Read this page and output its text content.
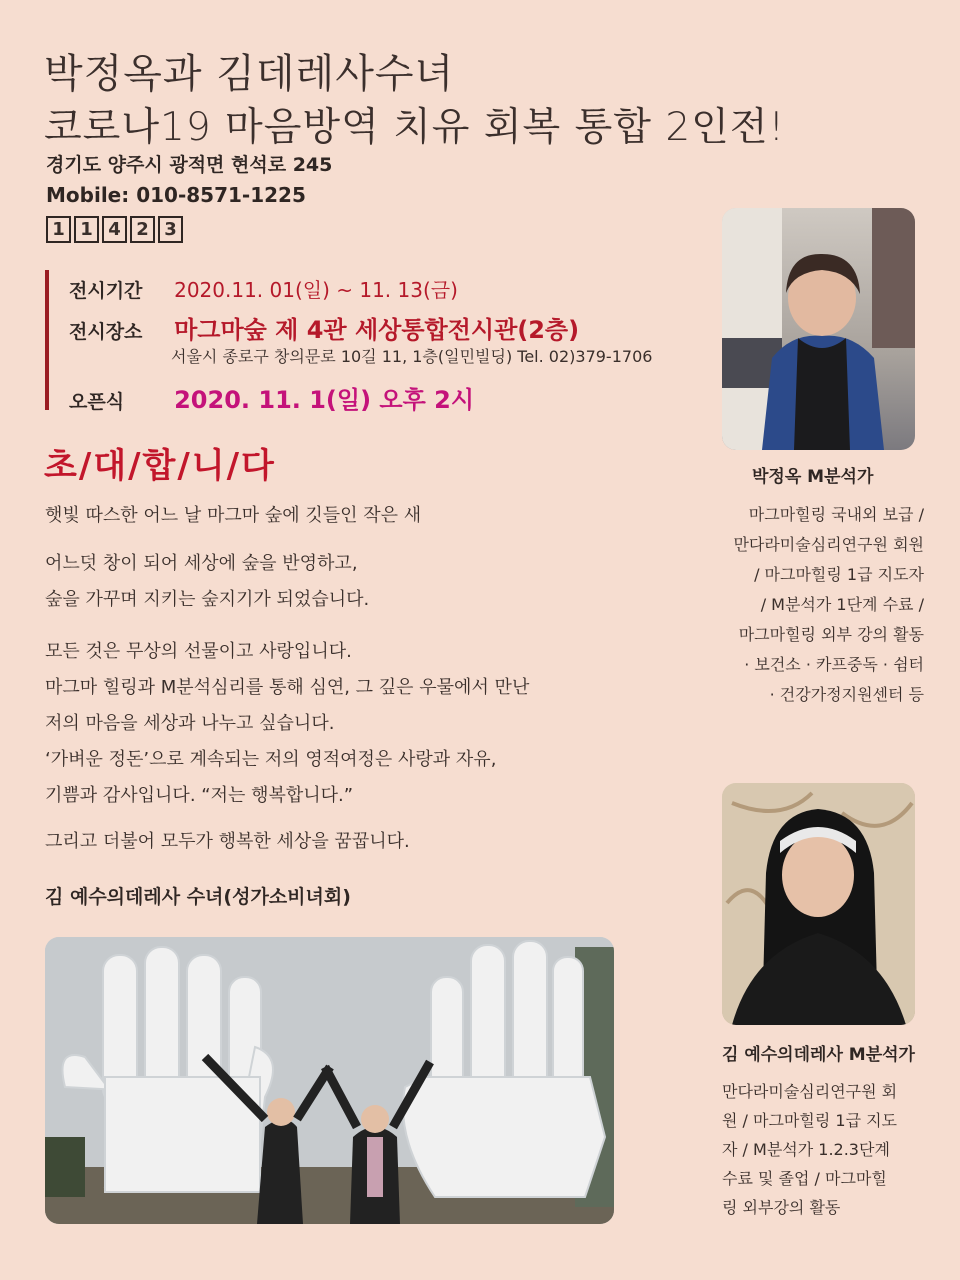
박정옥과 김데레사수녀
코로나19 마음방역 치유 회복 통합 2인전!
경기도 양주시 광적면 현석로 245
Mobile: 010-8571-1225
1 1 4 2 3
전시기간 2020.11. 01(일) ~ 11. 13(금)
전시장소 마그마숲 제 4관 세상통합전시관(2층)
서울시 종로구 창의문로 10길 11, 1층(일민빌딩) Tel. 02)379-1706
오픈식 2020. 11. 1(일) 오후 2시
초/대/합/니/다
햇빛 따스한 어느 날 마그마 숲에 깃들인 작은 새
어느덧 창이 되어 세상에 숲을 반영하고,
숲을 가꾸며 지키는 숲지기가 되었습니다.
모든 것은 무상의 선물이고 사랑입니다.
마그마 힐링과 M분석심리를 통해 심연, 그 깊은 우물에서 만난
저의 마음을 세상과 나누고 싶습니다.
‘가벼운 정돈’으로 계속되는 저의 영적여정은 사랑과 자유,
기쁨과 감사입니다. “저는 행복합니다.”
그리고 더불어 모두가 행복한 세상을 꿈꿉니다.
김 예수의데레사 수녀(성가소비녀회)
박정옥 M분석가
마그마힐링 국내외 보급 /
만다라미술심리연구원 회원
/ 마그마힐링 1급 지도자
/ M분석가 1단계 수료 /
마그마힐링 외부 강의 활동
· 보건소 · 카프중독 · 쉼터
· 건강가정지원센터 등
김 예수의데레사 M분석가
만다라미술심리연구원 회
원 / 마그마힐링 1급 지도
자 / M분석가 1.2.3단계
수료 및 졸업 / 마그마힐
링 외부강의 활동
